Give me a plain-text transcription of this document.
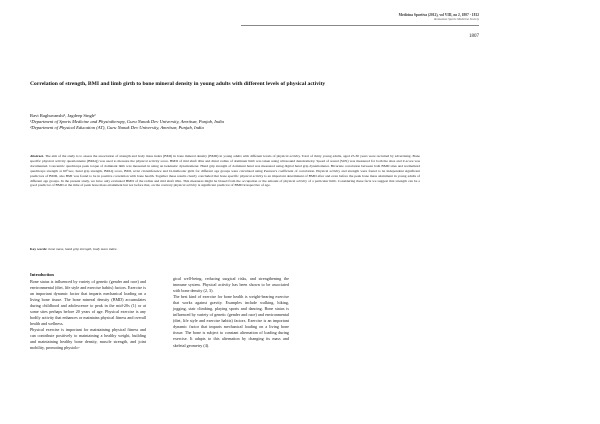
Medicina Sportiva (2012), vol VIII, no 2, 1807 - 1812
Romanian Sports Medicine Society
1807
Correlation of strength, BMI and limb girth to bone mineral density in young adults with different levels of physical activity

Ravi Raghuvanshi¹, Jagdeep Singh²

¹Department of Sports Medicine and Physiotherapy, Guru Nanak Dev University, Amritsar, Punjab, India

²Department of Physical Education (AT), Guru Nanak Dev University, Amritsar, Punjab, India

Abstract. The aim of the study is to assess the association of strength and body mass index (BMI) in bone mineral density (BMD) in young adults with different levels of physical activity. Total of thirty young adults, aged 25-30 years were recruited by advertising. Bone specific physical activity questionnaire (BPAQ) was used to measure the physical activity score. BMD of mid shaft tibia and distal radius of dominant limb was taken using ultrasound densitometry. Speed of sound (SOS) was measured for both the sites and Z-score was documented. Concentric quadriceps peak torque of dominant limb was measured in using an isokinetic dynamometer. Hand grip strength of dominant hand was measured using digital hand grip dynamometer. Bivariate correlation between both BMD sites and normalized quadriceps strength at 60°/sec, hand grip strength, BPAQ score, BMI, wrist circumference and bi-malleolar girth for different age groups were calculated using Pearson's coefficient of correlation. Physical activity and strength were found to be independent significant predictors of BMD, also BMI was found to be in positive correlation with bone health. Together these results clearly concluded that bone specific physical activity is an important determinant of BMD after and even before the peak bone mass attainment in young adults of different age groups. In the present study, we have only evaluated BMD of the radius and mid shaft tibia. This measures might be biased from the occupation or the amount of physical activity of a particular limb. Considering these facts we suggest that strength can be a good predictor of BMD at the time of peak bone mass attainment but not before that, on the contrary physical activity is significant predictor of BMD irrespective of age.
Key words: bone mass, hand grip strength, body mass index.
Introduction

Bone status is influenced by variety of genetic (gender and race) and environmental (diet, life style and exercise habits) factors. Exercise is an important dynamic factor that imparts mechanical loading on a living bone tissue. The bone mineral density (BMD) accumulates during childhood and adolescence to peak in the mid-20s (1) or at some sites perhaps before 20 years of age. Physical exercise is any bodily activity that enhances or maintains physical fitness and overall health and wellness.

Physical exercise is important for maintaining physical fitness and can contribute positively to maintaining a healthy weight, building and maintaining healthy bone density, muscle strength, and joint mobility, promoting physiolo-

gical well-being, reducing surgical risks, and strengthening the immune system. Physical activity has been shown to be associated with bone density (2, 3).

The best kind of exercise for bone health is weight-bearing exercise that works against gravity. Examples include walking, hiking, jogging, stair climbing, playing sports and dancing. Bone status is influenced by variety of genetic (gender and race) and environmental (diet, life style and exercise habits) factors. Exercise is an important dynamic factor that imparts mechanical loading on a living bone tissue. The bone is subject to constant alternation of loading during exercise. It adapts to this alternation by changing its mass and skeletal geometry (4).
